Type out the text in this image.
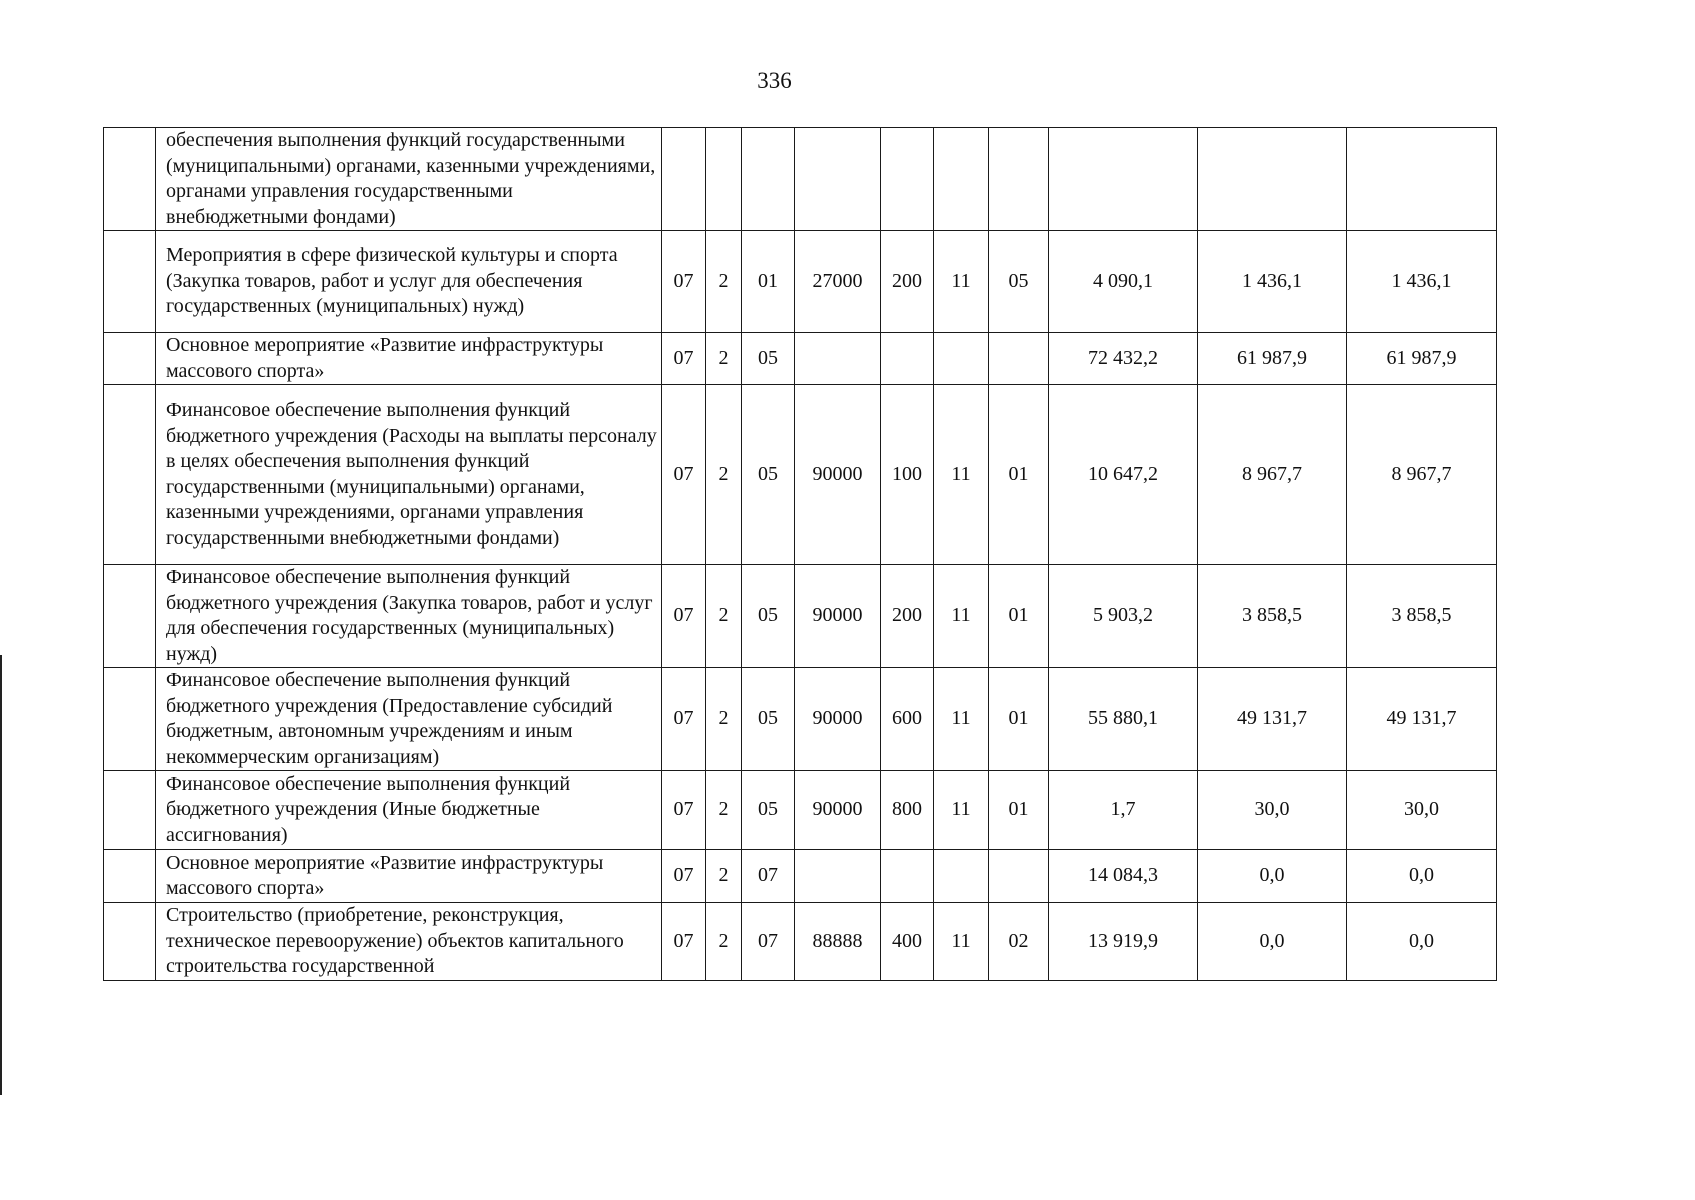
336
	обеспечения выполнения функций государственными (муниципальными) органами, казенными учреждениями, органами управления государственными внебюджетными фондами)										
	Мероприятия в сфере физической культуры и спорта (Закупка товаров, работ и услуг для обеспечения государственных (муниципальных) нужд)	07	2	01	27000	200	11	05	4 090,1	1 436,1	1 436,1
	Основное мероприятие «Развитие инфраструктуры массового спорта»	07	2	05					72 432,2	61 987,9	61 987,9
	Финансовое обеспечение выполнения функций бюджетного учреждения (Расходы на выплаты персоналу в целях обеспечения выполнения функций государственными (муниципальными) органами, казенными учреждениями, органами управления государственными внебюджетными фондами)	07	2	05	90000	100	11	01	10 647,2	8 967,7	8 967,7
	Финансовое обеспечение выполнения функций бюджетного учреждения (Закупка товаров, работ и услуг для обеспечения государственных (муниципальных) нужд)	07	2	05	90000	200	11	01	5 903,2	3 858,5	3 858,5
	Финансовое обеспечение выполнения функций бюджетного учреждения (Предоставление субсидий бюджетным, автономным учреждениям и иным некоммерческим организациям)	07	2	05	90000	600	11	01	55 880,1	49 131,7	49 131,7
	Финансовое обеспечение выполнения функций бюджетного учреждения (Иные бюджетные ассигнования)	07	2	05	90000	800	11	01	1,7	30,0	30,0
	Основное мероприятие «Развитие инфраструктуры массового спорта»	07	2	07					14 084,3	0,0	0,0
	Строительство (приобретение, реконструкция, техническое перевооружение) объектов капитального строительства государственной	07	2	07	88888	400	11	02	13 919,9	0,0	0,0
